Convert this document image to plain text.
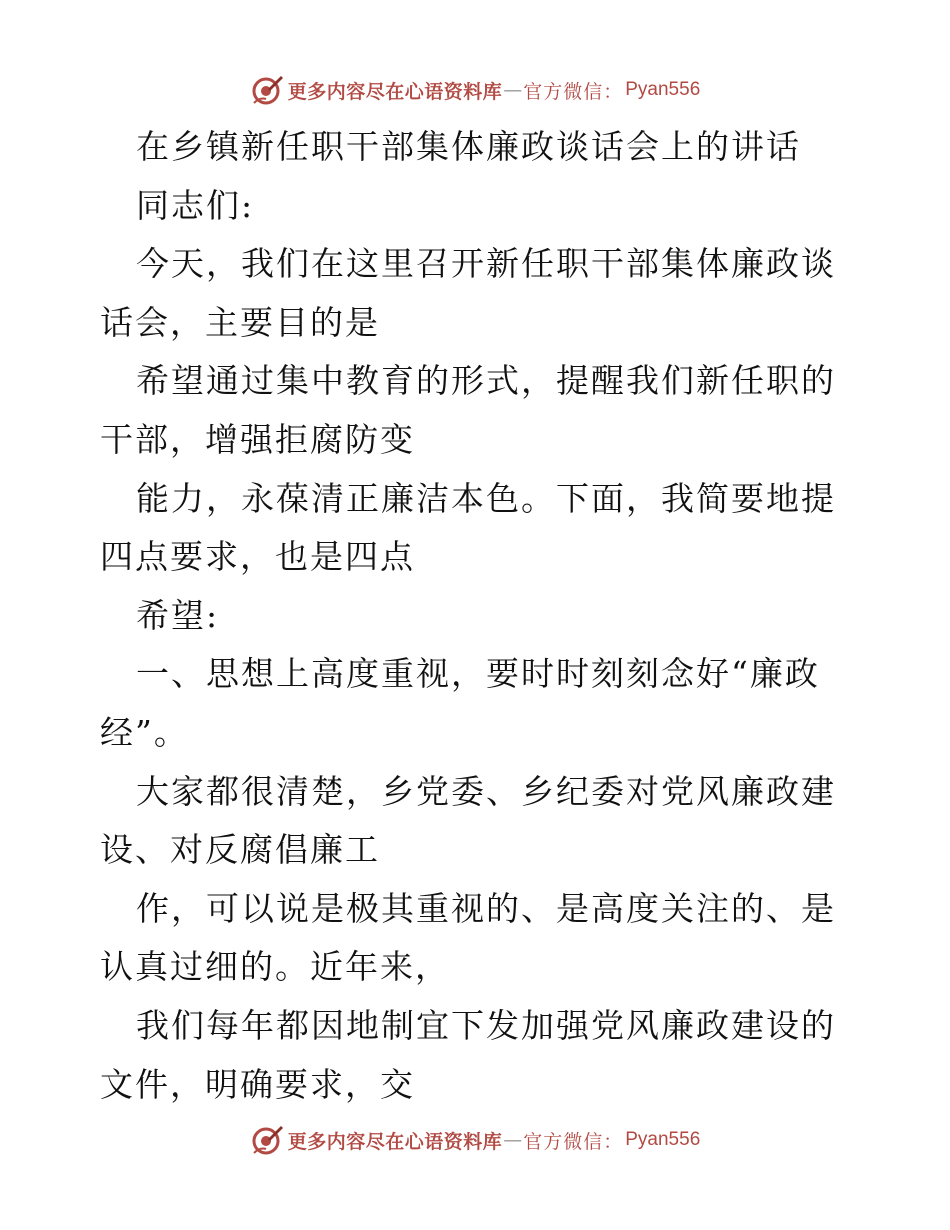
更多内容尽在心语资料库 — 官方微信： Pyan556

在乡镇新任职干部集体廉政谈话会上的讲话

同志们:

今天，我们在这里召开新任职干部集体廉政谈话会，主要目的是

希望通过集中教育的形式，提醒我们新任职的干部，增强拒腐防变

能力，永葆清正廉洁本色。下面，我简要地提四点要求，也是四点

希望:

一、思想上高度重视，要时时刻刻念好“廉政经”。

大家都很清楚，乡党委、乡纪委对党风廉政建设、对反腐倡廉工

作，可以说是极其重视的、是高度关注的、是认真过细的。近年来，

我们每年都因地制宜下发加强党风廉政建设的文件，明确要求，交

更多内容尽在心语资料库 — 官方微信： Pyan556
